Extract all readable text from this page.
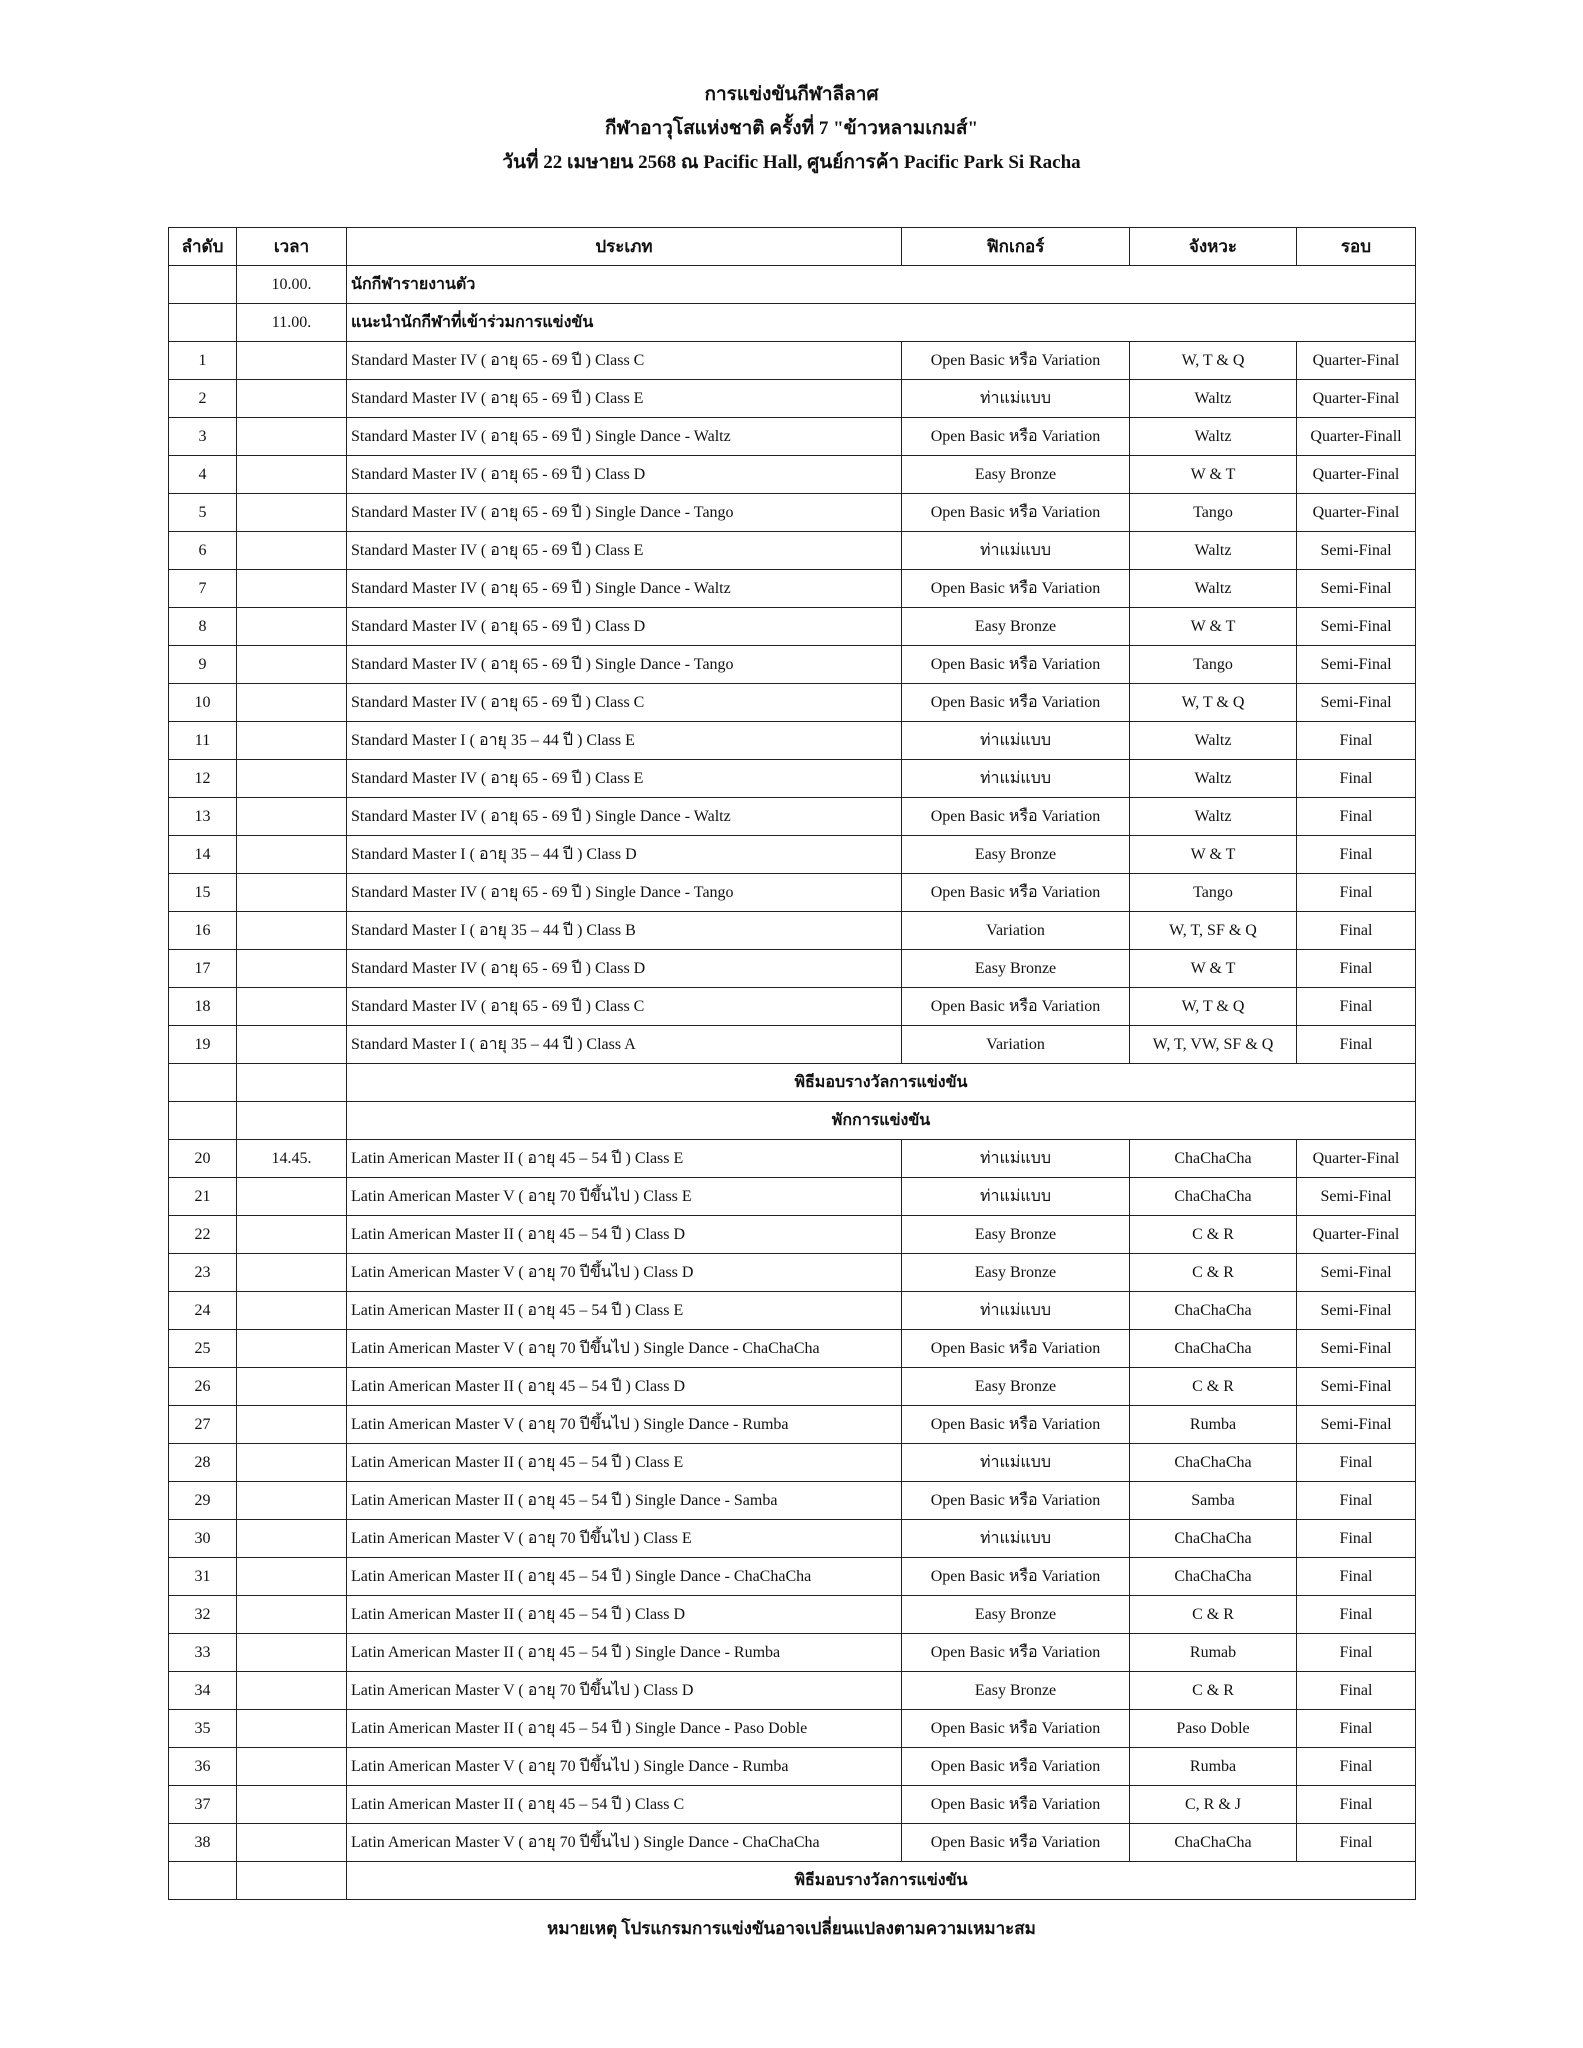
การแข่งขันกีฬาลีลาศ
กีฬาอาวุโสแห่งชาติ ครั้งที่ 7 "ข้าวหลามเกมส์"
วันที่ 22 เมษายน 2568 ณ Pacific Hall, ศูนย์การค้า Pacific Park Si Racha
ลำดับ	เวลา	ประเภท	ฟิกเกอร์	จังหวะ	รอบ
	10.00.	นักกีฬารายงานตัว			
	11.00.	แนะนำนักกีฬาที่เข้าร่วมการแข่งขัน			
1		Standard Master IV ( อายุ 65 - 69 ปี ) Class C	Open Basic หรือ Variation	W, T & Q	Quarter-Final
2		Standard Master IV ( อายุ 65 - 69 ปี ) Class E	ท่าแม่แบบ	Waltz	Quarter-Final
3		Standard Master IV ( อายุ 65 - 69 ปี ) Single Dance - Waltz	Open Basic หรือ Variation	Waltz	Quarter-Finall
4		Standard Master IV ( อายุ 65 - 69 ปี ) Class D	Easy Bronze	W & T	Quarter-Final
5		Standard Master IV ( อายุ 65 - 69 ปี ) Single Dance - Tango	Open Basic หรือ Variation	Tango	Quarter-Final
6		Standard Master IV ( อายุ 65 - 69 ปี ) Class E	ท่าแม่แบบ	Waltz	Semi-Final
7		Standard Master IV ( อายุ 65 - 69 ปี ) Single Dance - Waltz	Open Basic หรือ Variation	Waltz	Semi-Final
8		Standard Master IV ( อายุ 65 - 69 ปี ) Class D	Easy Bronze	W & T	Semi-Final
9		Standard Master IV ( อายุ 65 - 69 ปี ) Single Dance - Tango	Open Basic หรือ Variation	Tango	Semi-Final
10		Standard Master IV ( อายุ 65 - 69 ปี ) Class C	Open Basic หรือ Variation	W, T & Q	Semi-Final
11		Standard Master I ( อายุ 35 – 44 ปี ) Class E	ท่าแม่แบบ	Waltz	Final
12		Standard Master IV ( อายุ 65 - 69 ปี ) Class E	ท่าแม่แบบ	Waltz	Final
13		Standard Master IV ( อายุ 65 - 69 ปี ) Single Dance - Waltz	Open Basic หรือ Variation	Waltz	Final
14		Standard Master I ( อายุ 35 – 44 ปี ) Class D	Easy Bronze	W & T	Final
15		Standard Master IV ( อายุ 65 - 69 ปี ) Single Dance - Tango	Open Basic หรือ Variation	Tango	Final
16		Standard Master I ( อายุ 35 – 44 ปี ) Class B	Variation	W, T, SF & Q	Final
17		Standard Master IV ( อายุ 65 - 69 ปี ) Class D	Easy Bronze	W & T	Final
18		Standard Master IV ( อายุ 65 - 69 ปี ) Class C	Open Basic หรือ Variation	W, T & Q	Final
19		Standard Master I ( อายุ 35 – 44 ปี ) Class A	Variation	W, T, VW, SF & Q	Final
		พิธีมอบรางวัลการแข่งขัน			
		พักการแข่งขัน			
20	14.45.	Latin American Master II ( อายุ 45 – 54 ปี ) Class E	ท่าแม่แบบ	ChaChaCha	Quarter-Final
21		Latin American Master V ( อายุ 70 ปีขึ้นไป ) Class E	ท่าแม่แบบ	ChaChaCha	Semi-Final
22		Latin American Master II ( อายุ 45 – 54 ปี ) Class D	Easy Bronze	C & R	Quarter-Final
23		Latin American Master V ( อายุ 70 ปีขึ้นไป ) Class D	Easy Bronze	C & R	Semi-Final
24		Latin American Master II ( อายุ 45 – 54 ปี ) Class E	ท่าแม่แบบ	ChaChaCha	Semi-Final
25		Latin American Master V ( อายุ 70 ปีขึ้นไป ) Single Dance - ChaChaCha	Open Basic หรือ Variation	ChaChaCha	Semi-Final
26		Latin American Master II ( อายุ 45 – 54 ปี ) Class D	Easy Bronze	C & R	Semi-Final
27		Latin American Master V ( อายุ 70 ปีขึ้นไป ) Single Dance - Rumba	Open Basic หรือ Variation	Rumba	Semi-Final
28		Latin American Master II ( อายุ 45 – 54 ปี ) Class E	ท่าแม่แบบ	ChaChaCha	Final
29		Latin American Master II ( อายุ 45 – 54 ปี ) Single Dance - Samba	Open Basic หรือ Variation	Samba	Final
30		Latin American Master V ( อายุ 70 ปีขึ้นไป ) Class E	ท่าแม่แบบ	ChaChaCha	Final
31		Latin American Master II ( อายุ 45 – 54 ปี ) Single Dance - ChaChaCha	Open Basic หรือ Variation	ChaChaCha	Final
32		Latin American Master II ( อายุ 45 – 54 ปี ) Class D	Easy Bronze	C & R	Final
33		Latin American Master II ( อายุ 45 – 54 ปี ) Single Dance - Rumba	Open Basic หรือ Variation	Rumab	Final
34		Latin American Master V ( อายุ 70 ปีขึ้นไป ) Class D	Easy Bronze	C & R	Final
35		Latin American Master II ( อายุ 45 – 54 ปี ) Single Dance - Paso Doble	Open Basic หรือ Variation	Paso Doble	Final
36		Latin American Master V ( อายุ 70 ปีขึ้นไป ) Single Dance - Rumba	Open Basic หรือ Variation	Rumba	Final
37		Latin American Master II ( อายุ 45 – 54 ปี ) Class C	Open Basic หรือ Variation	C, R & J	Final
38		Latin American Master V ( อายุ 70 ปีขึ้นไป ) Single Dance - ChaChaCha	Open Basic หรือ Variation	ChaChaCha	Final
		พิธีมอบรางวัลการแข่งขัน			
หมายเหตุ โปรแกรมการแข่งขันอาจเปลี่ยนแปลงตามความเหมาะสม
